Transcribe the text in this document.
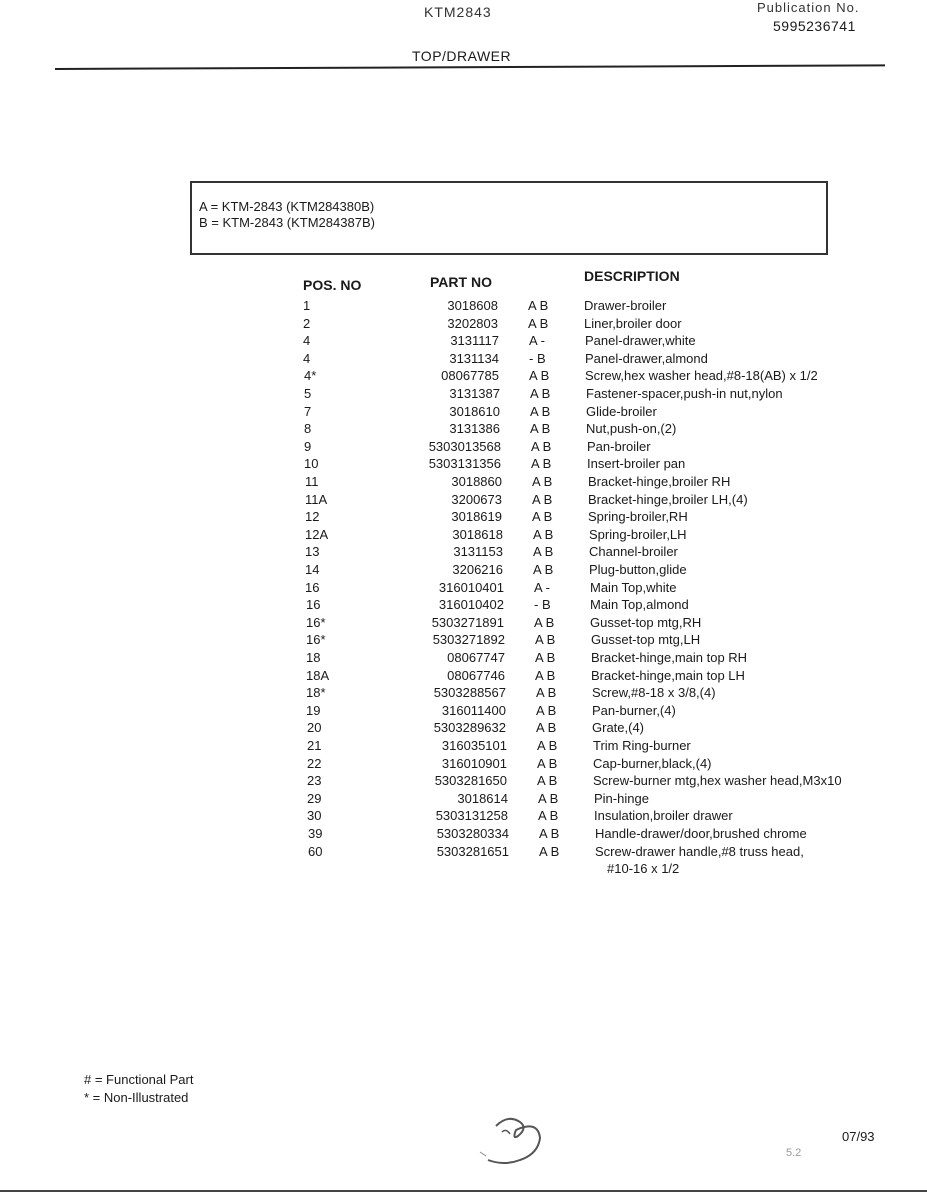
KTM2843	Publication No.
5995236741
TOP/DRAWER
A = KTM-2843 (KTM284380B)
B = KTM-2843 (KTM284387B)
POS. NO	PART NO	DESCRIPTION
1	3018608 A B	Drawer-broiler
2	3202803 A B	Liner,broiler door
4	3131117 A -	Panel-drawer,white
4	3131134 - B	Panel-drawer,almond
4*	08067785 A B	Screw,hex washer head,#8-18(AB) x 1/2
5	3131387 A B	Fastener-spacer,push-in nut,nylon
7	3018610 A B	Glide-broiler
8	3131386 A B	Nut,push-on,(2)
9	5303013568 A B	Pan-broiler
10	5303131356 A B	Insert-broiler pan
11	3018860 A B	Bracket-hinge,broiler RH
11A	3200673 A B	Bracket-hinge,broiler LH,(4)
12	3018619 A B	Spring-broiler,RH
12A	3018618 A B	Spring-broiler,LH
13	3131153 A B	Channel-broiler
14	3206216 A B	Plug-button,glide
16	316010401 A -	Main Top,white
16	316010402 - B	Main Top,almond
16*	5303271891 A B	Gusset-top mtg,RH
16*	5303271892 A B	Gusset-top mtg,LH
18	08067747 A B	Bracket-hinge,main top RH
18A	08067746 A B	Bracket-hinge,main top LH
18*	5303288567 A B	Screw,#8-18 x 3/8,(4)
19	316011400 A B	Pan-burner,(4)
20	5303289632 A B	Grate,(4)
21	316035101 A B	Trim Ring-burner
22	316010901 A B	Cap-burner,black,(4)
23	5303281650 A B	Screw-burner mtg,hex washer head,M3x10
29	3018614 A B	Pin-hinge
30	5303131258 A B	Insulation,broiler drawer
39	5303280334 A B	Handle-drawer/door,brushed chrome
60	5303281651 A B	Screw-drawer handle,#8 truss head,
#10-16 x 1/2
# = Functional Part
* = Non-Illustrated
07/93
5.2
